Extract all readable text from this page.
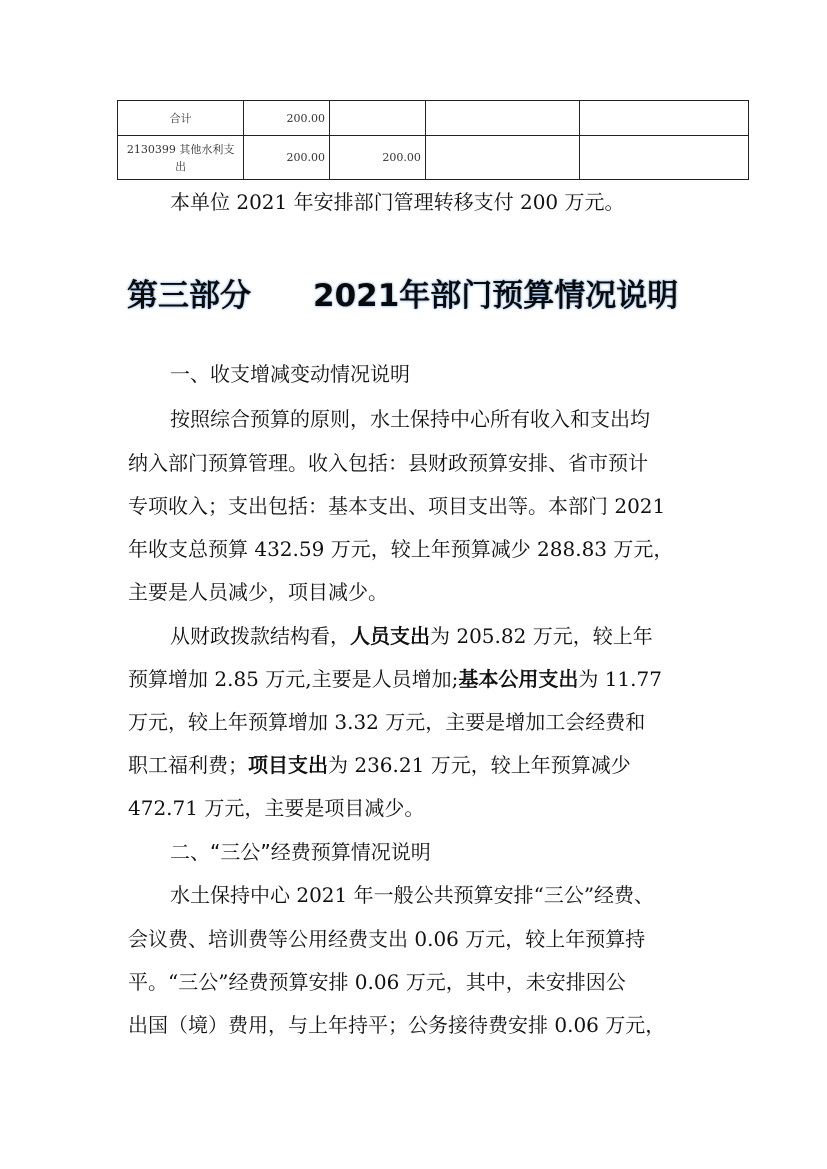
合计	200.00			
2130399 其他水利支出	200.00	200.00		
本单位 2021 年安排部门管理转移支付 200 万元。
第三部分 2021年部门预算情况说明
一、收支增减变动情况说明
按照综合预算的原则，水土保持中心所有收入和支出均
纳入部门预算管理。收入包括：县财政预算安排、省市预计
专项收入；支出包括：基本支出、项目支出等。本部门 2021
年收支总预算 432.59 万元，较上年预算减少 288.83 万元，
主要是人员减少，项目减少。
从财政拨款结构看，人员支出为 205.82 万元，较上年
预算增加 2.85 万元,主要是人员增加;基本公用支出为 11.77
万元，较上年预算增加 3.32 万元，主要是增加工会经费和
职工福利费；项目支出为 236.21 万元，较上年预算减少
472.71 万元，主要是项目减少。
二、“三公”经费预算情况说明
水土保持中心 2021 年一般公共预算安排“三公”经费、
会议费、培训费等公用经费支出 0.06 万元，较上年预算持
平。“三公”经费预算安排 0.06 万元，其中，未安排因公
出国（境）费用，与上年持平；公务接待费安排 0.06 万元，
